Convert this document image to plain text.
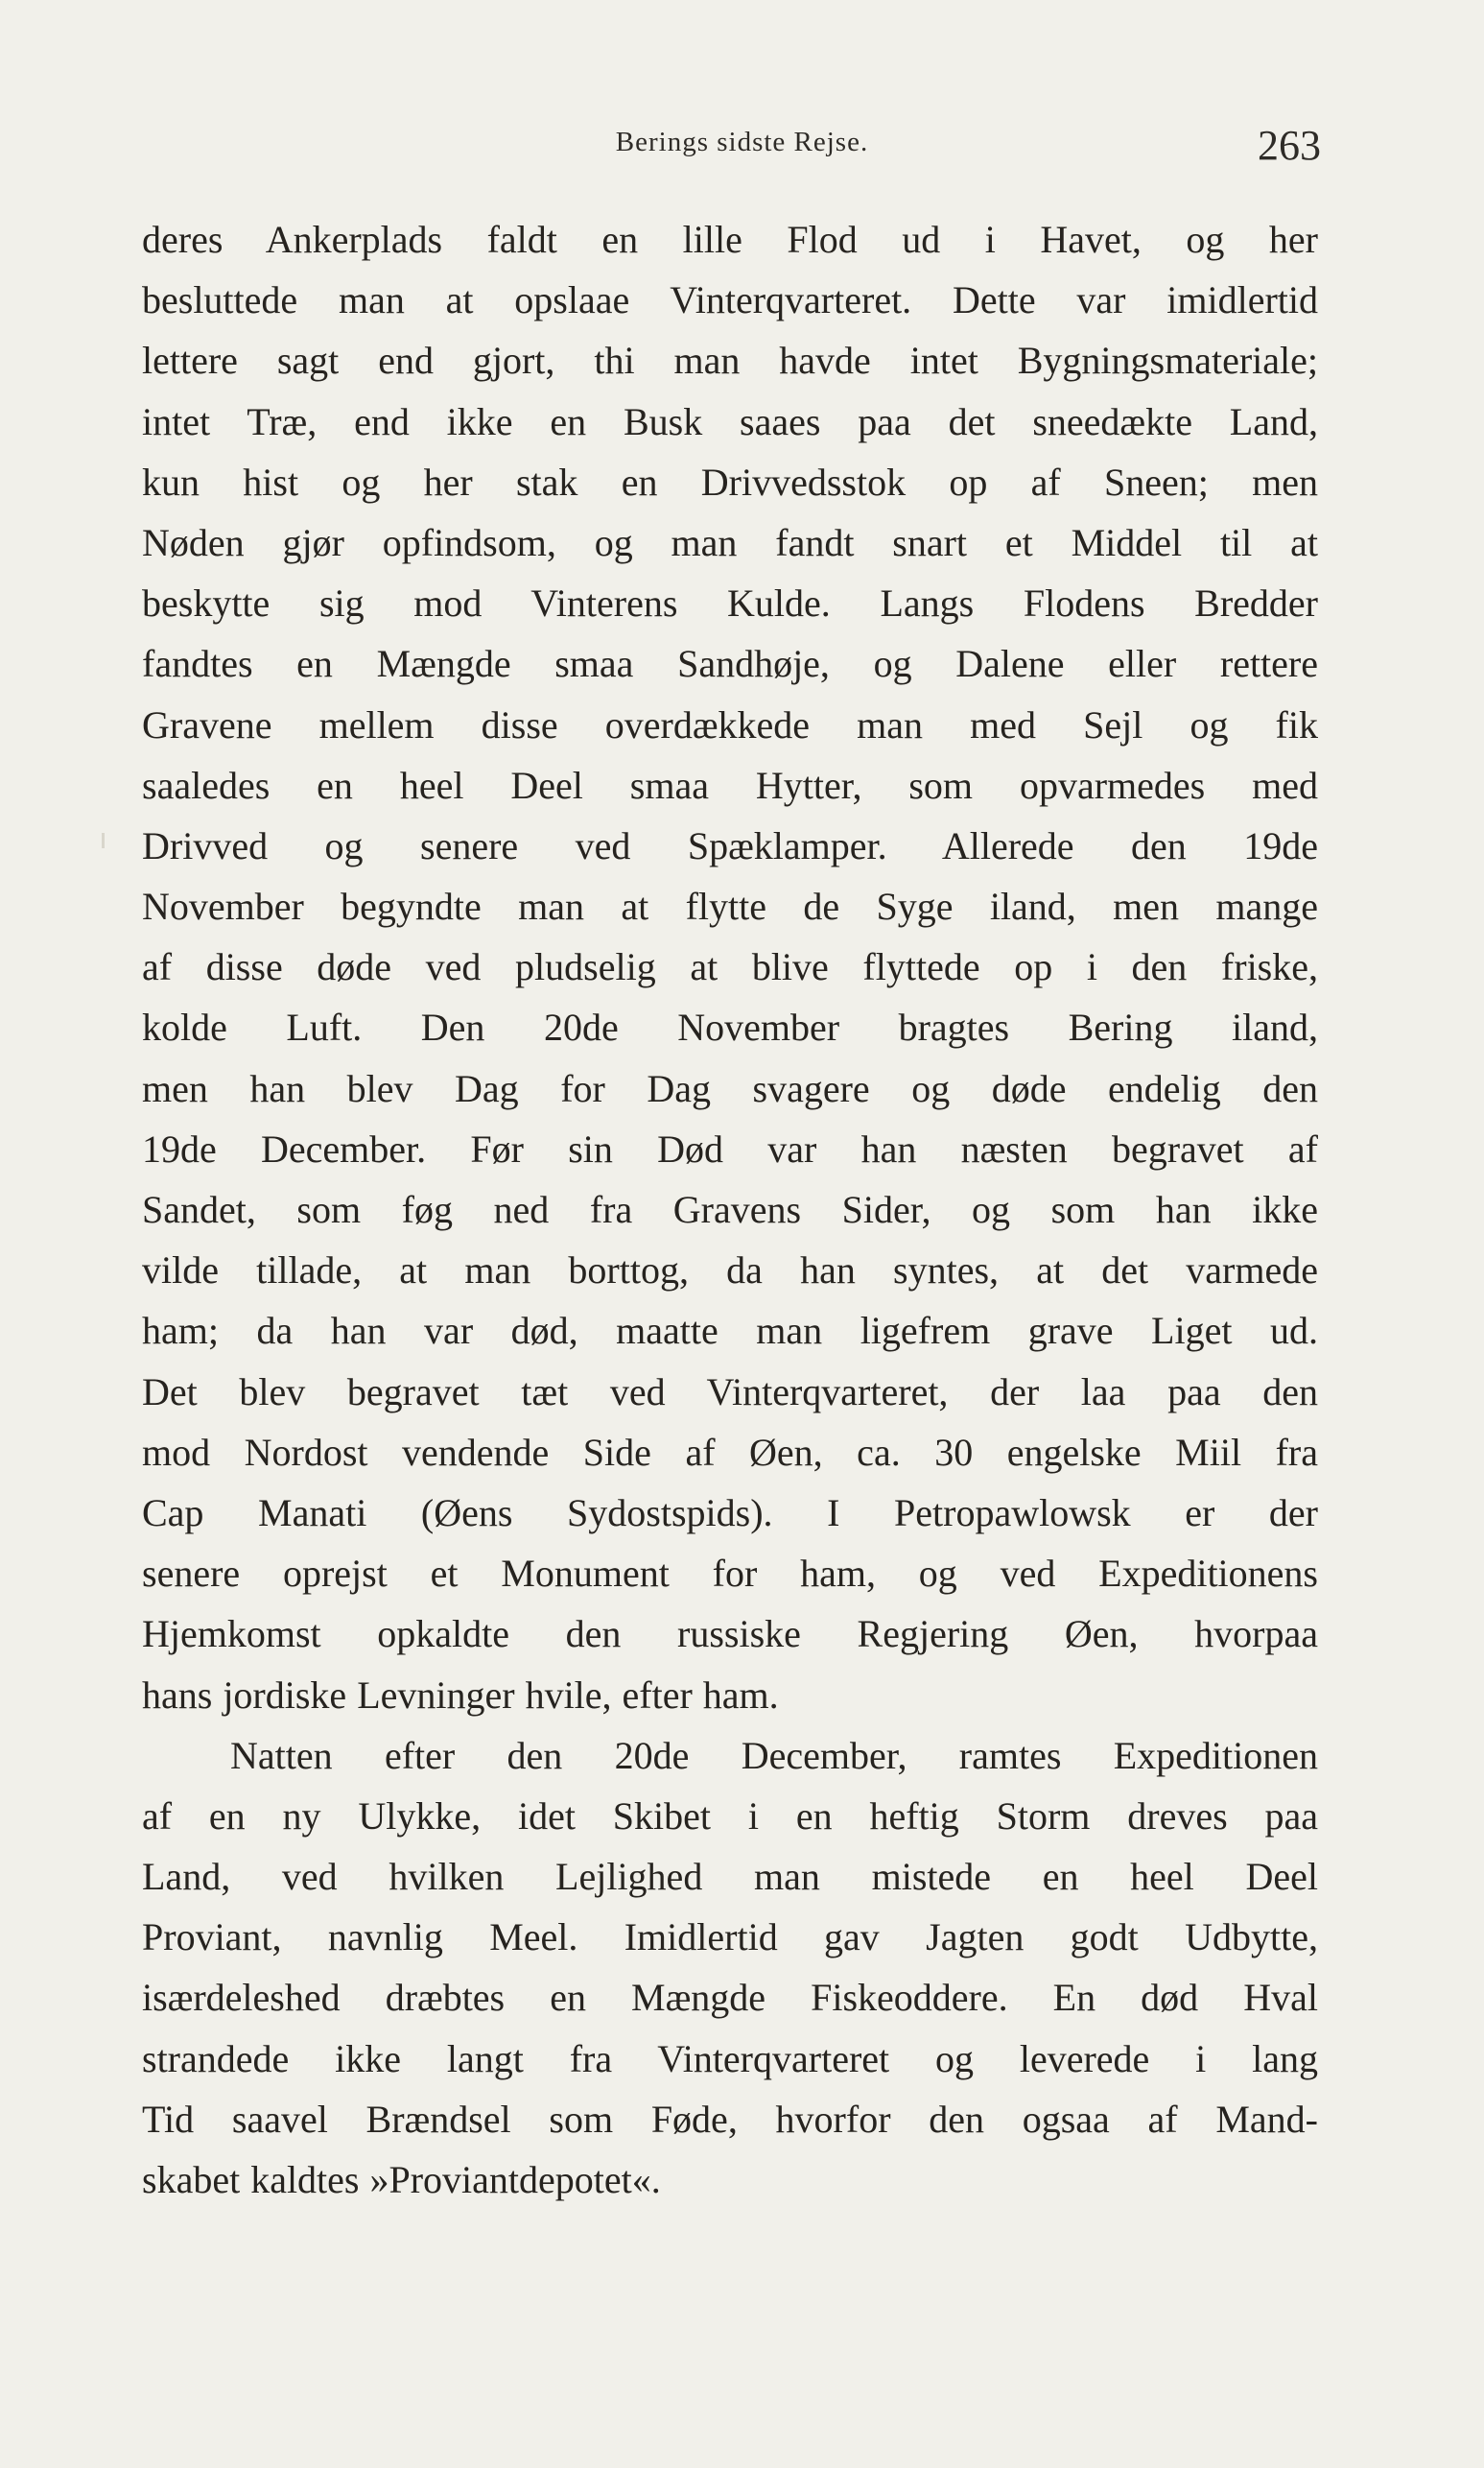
Berings sidste Rejse.	263
deres Ankerplads faldt en lille Flod ud i Havet, og her
besluttede man at opslaae Vinterqvarteret. Dette var imidlertid
lettere sagt end gjort, thi man havde intet Bygningsmateriale;
intet Træ, end ikke en Busk saaes paa det sneedækte Land,
kun hist og her stak en Drivvedsstok op af Sneen; men
Nøden gjør opfindsom, og man fandt snart et Middel til at
beskytte sig mod Vinterens Kulde. Langs Flodens Bredder
fandtes en Mængde smaa Sandhøje, og Dalene eller rettere
Gravene mellem disse overdækkede man med Sejl og fik
saaledes en heel Deel smaa Hytter, som opvarmedes med
Drivved og senere ved Spæklamper. Allerede den 19de
November begyndte man at flytte de Syge iland, men mange
af disse døde ved pludselig at blive flyttede op i den friske,
kolde Luft. Den 20de November bragtes Bering iland,
men han blev Dag for Dag svagere og døde endelig den
19de December. Før sin Død var han næsten begravet af
Sandet, som føg ned fra Gravens Sider, og som han ikke
vilde tillade, at man borttog, da han syntes, at det varmede
ham; da han var død, maatte man ligefrem grave Liget ud.
Det blev begravet tæt ved Vinterqvarteret, der laa paa den
mod Nordost vendende Side af Øen, ca. 30 engelske Miil fra
Cap Manati (Øens Sydostspids). I Petropawlowsk er der
senere oprejst et Monument for ham, og ved Expeditionens
Hjemkomst opkaldte den russiske Regjering Øen, hvorpaa
hans jordiske Levninger hvile, efter ham.
Natten efter den 20de December, ramtes Expeditionen
af en ny Ulykke, idet Skibet i en heftig Storm dreves paa
Land, ved hvilken Lejlighed man mistede en heel Deel
Proviant, navnlig Meel. Imidlertid gav Jagten godt Udbytte,
isærdeleshed dræbtes en Mængde Fiskeoddere. En død Hval
strandede ikke langt fra Vinterqvarteret og leverede i lang
Tid saavel Brændsel som Føde, hvorfor den ogsaa af Mand-
skabet kaldtes »Proviantdepotet«.
